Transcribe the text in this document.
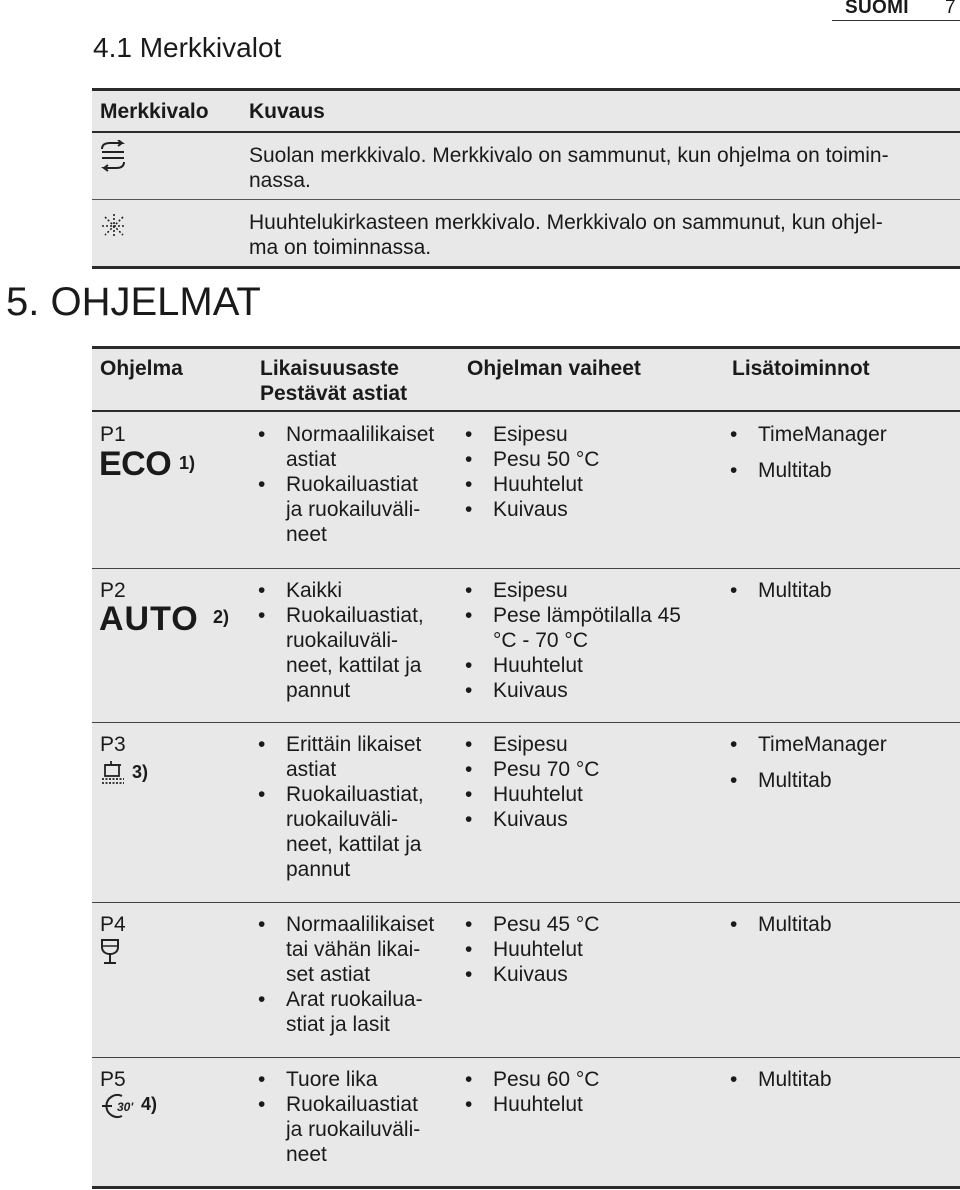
SUOMI 7
4.1 Merkkivalot
Merkkivalo Kuvaus
Suolan merkkivalo. Merkkivalo on sammunut, kun ohjelma on toimin-
nassa.
Huuhtelukirkasteen merkkivalo. Merkkivalo on sammunut, kun ohjel-
ma on toiminnassa.
5. OHJELMAT
Ohjelma	Likaisuusaste
Pestävät astiat
Ohjelman vaiheet	Lisätoiminnot
P1
ECO 1)
• Normaalilikaiset
astiat
• Ruokailuastiat
ja ruokailuväli-
neet
• Esipesu
• Pesu 50 °C
• Huuhtelut
• Kuivaus
• TimeManager
• Multitab
P2
AUTO 2)
• Kaikki
• Ruokailuastiat,
ruokailuväli-
neet, kattilat ja
pannut
• Esipesu
• Pese lämpötilalla 45
°C - 70 °C
• Huuhtelut
• Kuivaus
• Multitab
P3
3)
• Erittäin likaiset
astiat
• Ruokailuastiat,
ruokailuväli-
neet, kattilat ja
pannut
• Esipesu
• Pesu 70 °C
• Huuhtelut
• Kuivaus
• TimeManager
• Multitab
P4
•	Normaalilikaiset
tai vähän likai-
set astiat
• Arat ruokailua-
stiat ja lasit
• Pesu 45 °C
• Huuhtelut
• Kuivaus
• Multitab
P5
30' 4)
• Tuore lika
• Ruokailuastiat
ja ruokailuväli-
neet
• Pesu 60 °C
• Huuhtelut
• Multitab
